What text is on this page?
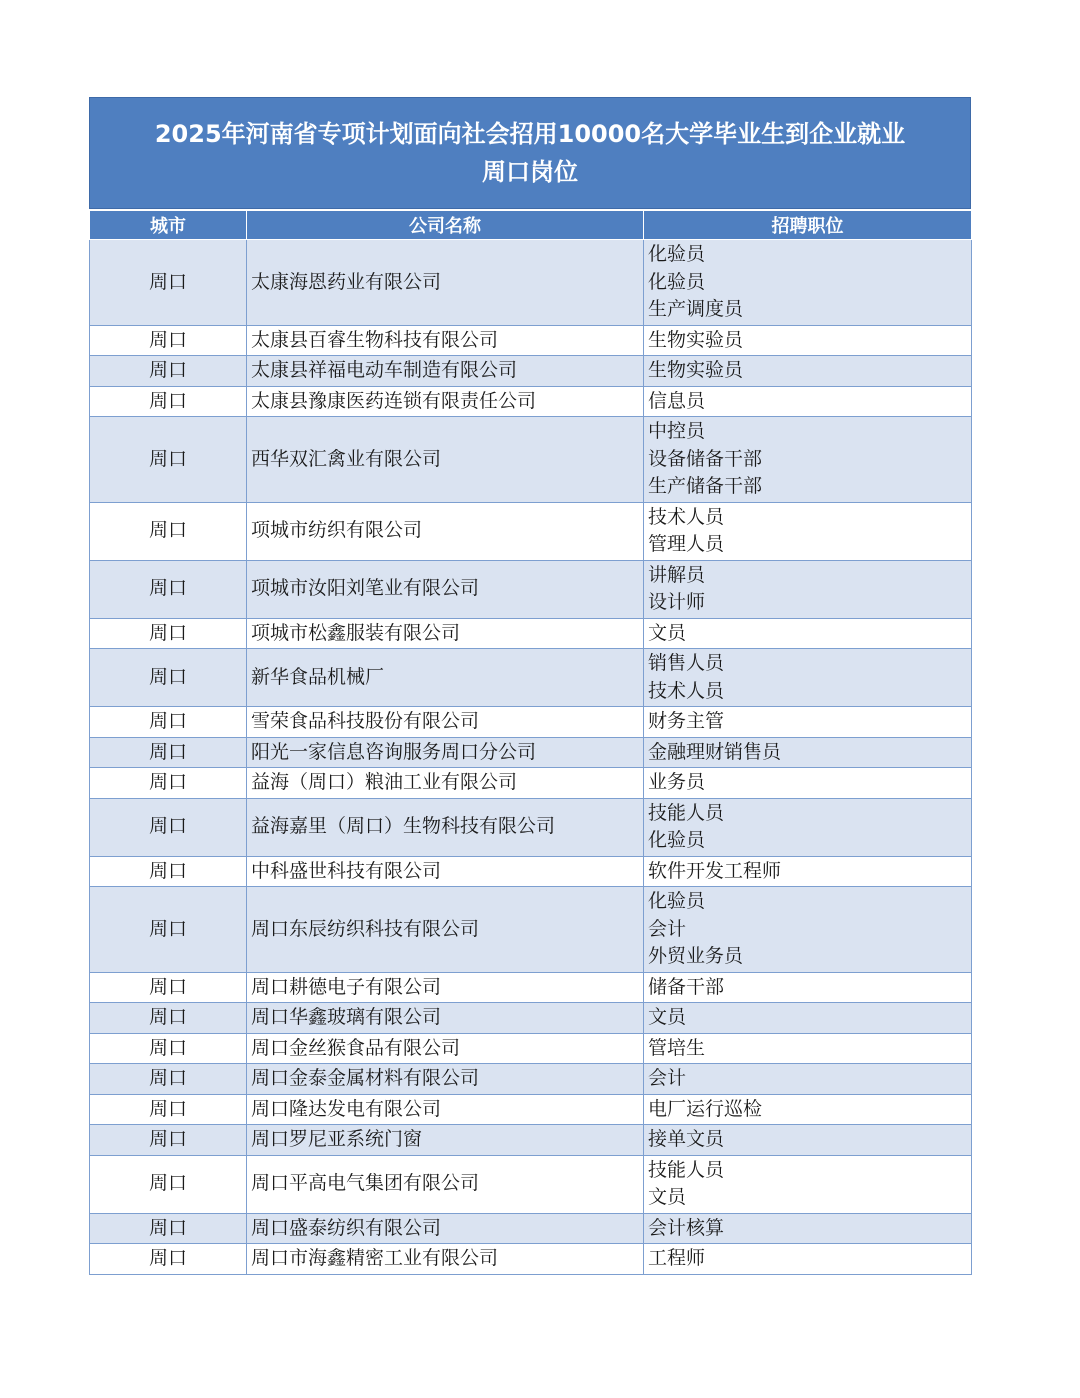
2025年河南省专项计划面向社会招用10000名大学毕业生到企业就业
周口岗位
城市	公司名称	招聘职位
周口	太康海恩药业有限公司	化验员
化验员
生产调度员

周口	太康县百睿生物科技有限公司	生物实验员

周口	太康县祥福电动车制造有限公司	生物实验员

周口	太康县豫康医药连锁有限责任公司	信息员

周口	西华双汇禽业有限公司	中控员
设备储备干部
生产储备干部

周口	项城市纺织有限公司	技术人员
管理人员

周口	项城市汝阳刘笔业有限公司	讲解员
设计师

周口	项城市松鑫服装有限公司	文员

周口	新华食品机械厂	销售人员
技术人员

周口	雪荣食品科技股份有限公司	财务主管

周口	阳光一家信息咨询服务周口分公司	金融理财销售员

周口	益海（周口）粮油工业有限公司	业务员

周口	益海嘉里（周口）生物科技有限公司	技能人员
化验员

周口	中科盛世科技有限公司	软件开发工程师

周口	周口东辰纺织科技有限公司	化验员
会计
外贸业务员

周口	周口耕德电子有限公司	储备干部

周口	周口华鑫玻璃有限公司	文员

周口	周口金丝猴食品有限公司	管培生

周口	周口金泰金属材料有限公司	会计

周口	周口隆达发电有限公司	电厂运行巡检

周口	周口罗尼亚系统门窗	接单文员

周口	周口平高电气集团有限公司	技能人员
文员

周口	周口盛泰纺织有限公司	会计核算

周口	周口市海鑫精密工业有限公司	工程师
